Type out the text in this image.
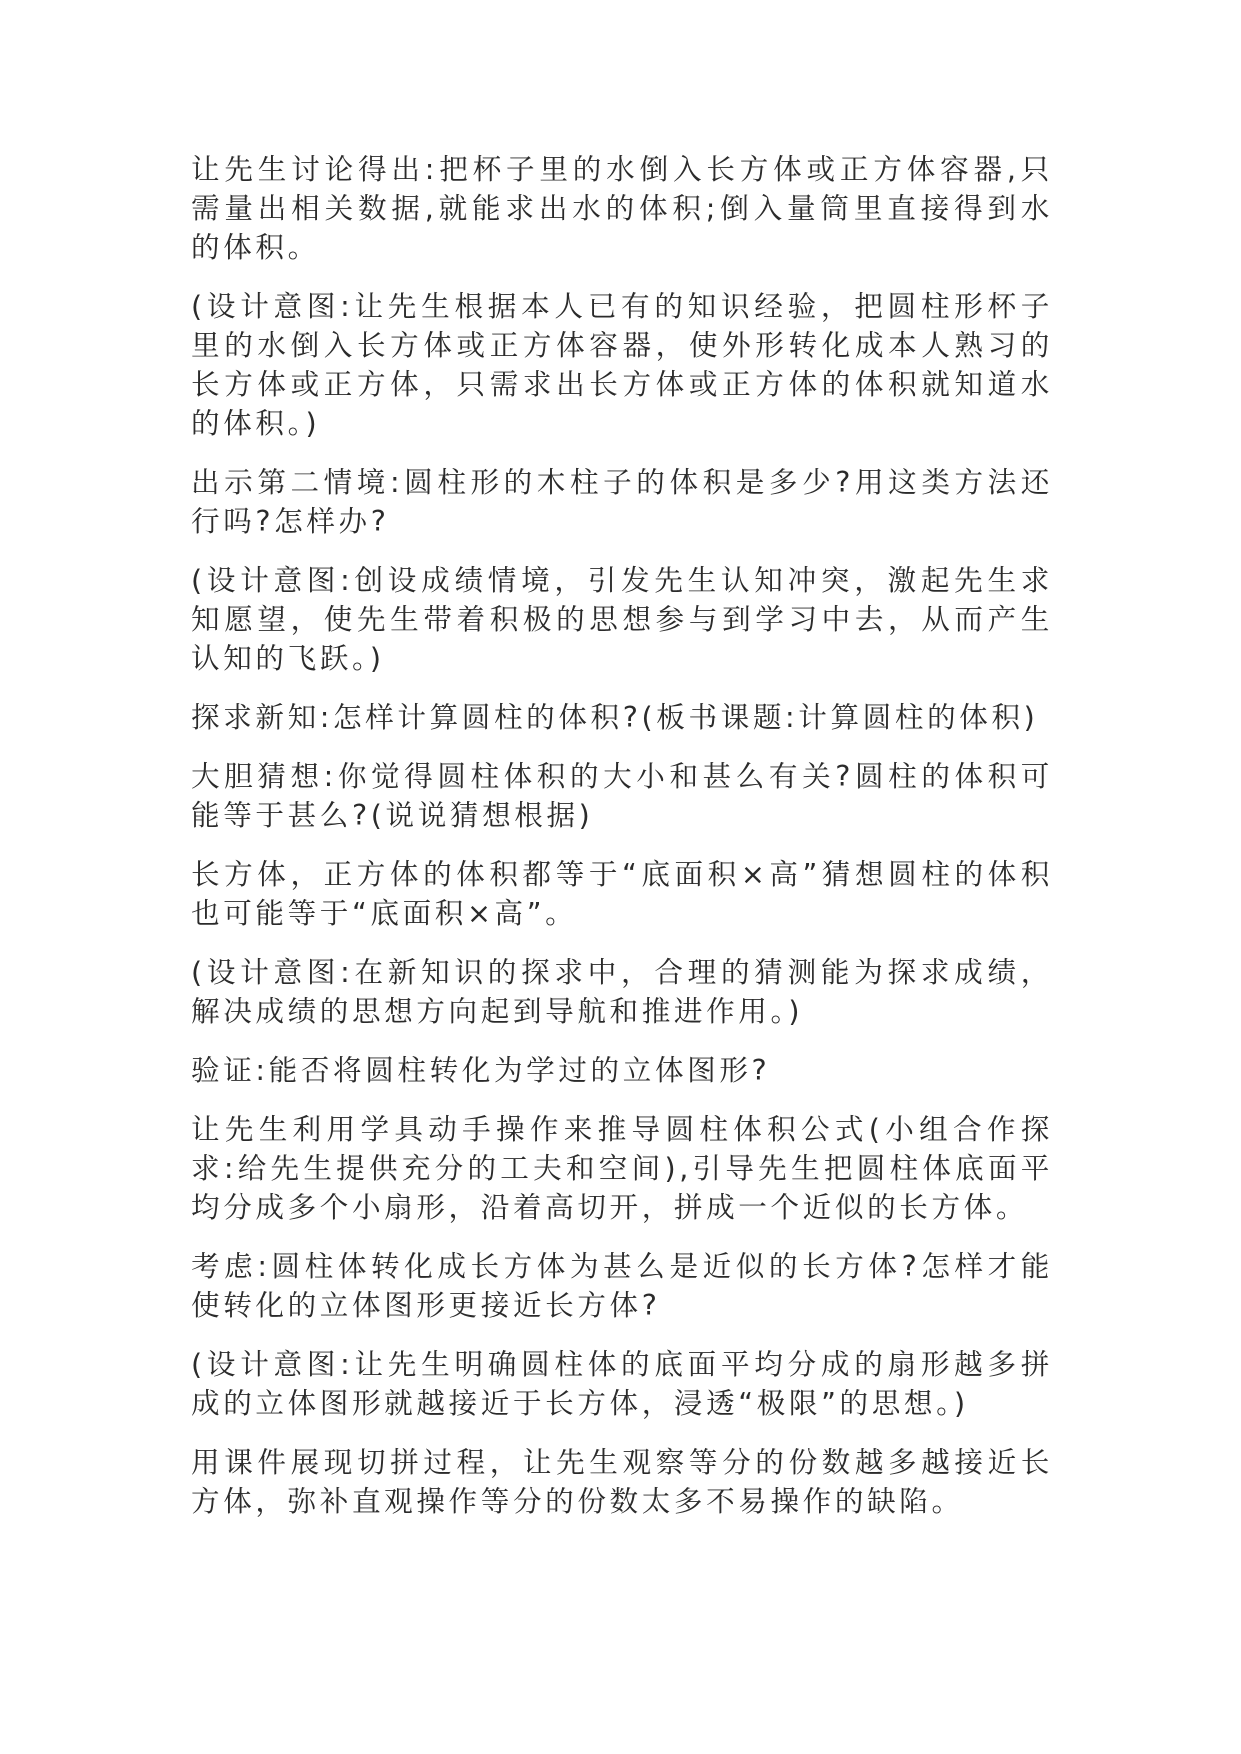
让先生讨论得出:把杯子里的水倒入长方体或正方体容器,只需量出相关数据,就能求出水的体积;倒入量筒里直接得到水的体积。

(设计意图:让先生根据本人已有的知识经验，把圆柱形杯子里的水倒入长方体或正方体容器，使外形转化成本人熟习的长方体或正方体，只需求出长方体或正方体的体积就知道水的体积。)

出示第二情境:圆柱形的木柱子的体积是多少?用这类方法还行吗?怎样办?

(设计意图:创设成绩情境，引发先生认知冲突，激起先生求知愿望，使先生带着积极的思想参与到学习中去，从而产生认知的飞跃。)

探求新知:怎样计算圆柱的体积?(板书课题:计算圆柱的体积)

大胆猜想:你觉得圆柱体积的大小和甚么有关?圆柱的体积可能等于甚么?(说说猜想根据)

长方体，正方体的体积都等于“底面积×高”猜想圆柱的体积也可能等于“底面积×高”。

(设计意图:在新知识的探求中，合理的猜测能为探求成绩，解决成绩的思想方向起到导航和推进作用。)

验证:能否将圆柱转化为学过的立体图形?

让先生利用学具动手操作来推导圆柱体积公式(小组合作探求:给先生提供充分的工夫和空间),引导先生把圆柱体底面平均分成多个小扇形，沿着高切开，拼成一个近似的长方体。

考虑:圆柱体转化成长方体为甚么是近似的长方体?怎样才能使转化的立体图形更接近长方体?

(设计意图:让先生明确圆柱体的底面平均分成的扇形越多拼成的立体图形就越接近于长方体，浸透“极限”的思想。)

用课件展现切拼过程，让先生观察等分的份数越多越接近长方体，弥补直观操作等分的份数太多不易操作的缺陷。
